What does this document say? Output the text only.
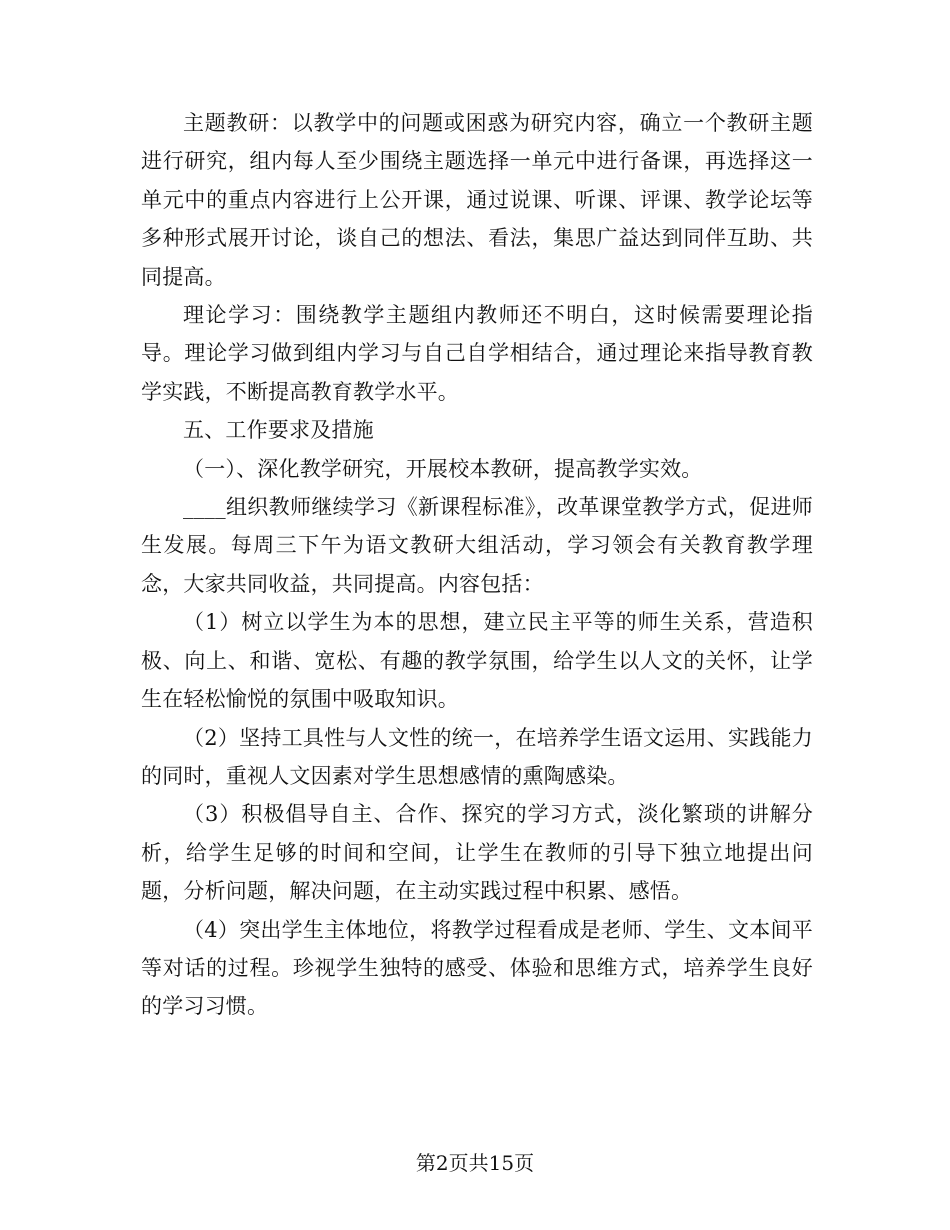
主题教研：以教学中的问题或困惑为研究内容，确立一个教研主题进行研究，组内每人至少围绕主题选择一单元中进行备课，再选择这一单元中的重点内容进行上公开课，通过说课、听课、评课、教学论坛等多种形式展开讨论，谈自己的想法、看法，集思广益达到同伴互助、共同提高。

理论学习：围绕教学主题组内教师还不明白，这时候需要理论指导。理论学习做到组内学习与自己自学相结合，通过理论来指导教育教学实践，不断提高教育教学水平。

五、工作要求及措施

（一）、深化教学研究，开展校本教研，提高教学实效。

____组织教师继续学习《新课程标准》，改革课堂教学方式，促进师生发展。每周三下午为语文教研大组活动，学习领会有关教育教学理念，大家共同收益，共同提高。内容包括：

（1）树立以学生为本的思想，建立民主平等的师生关系，营造积极、向上、和谐、宽松、有趣的教学氛围，给学生以人文的关怀，让学生在轻松愉悦的氛围中吸取知识。

（2）坚持工具性与人文性的统一，在培养学生语文运用、实践能力的同时，重视人文因素对学生思想感情的熏陶感染。

（3）积极倡导自主、合作、探究的学习方式，淡化繁琐的讲解分析，给学生足够的时间和空间，让学生在教师的引导下独立地提出问题，分析问题，解决问题，在主动实践过程中积累、感悟。

（4）突出学生主体地位，将教学过程看成是老师、学生、文本间平等对话的过程。珍视学生独特的感受、体验和思维方式，培养学生良好的学习习惯。

第2页共15页
